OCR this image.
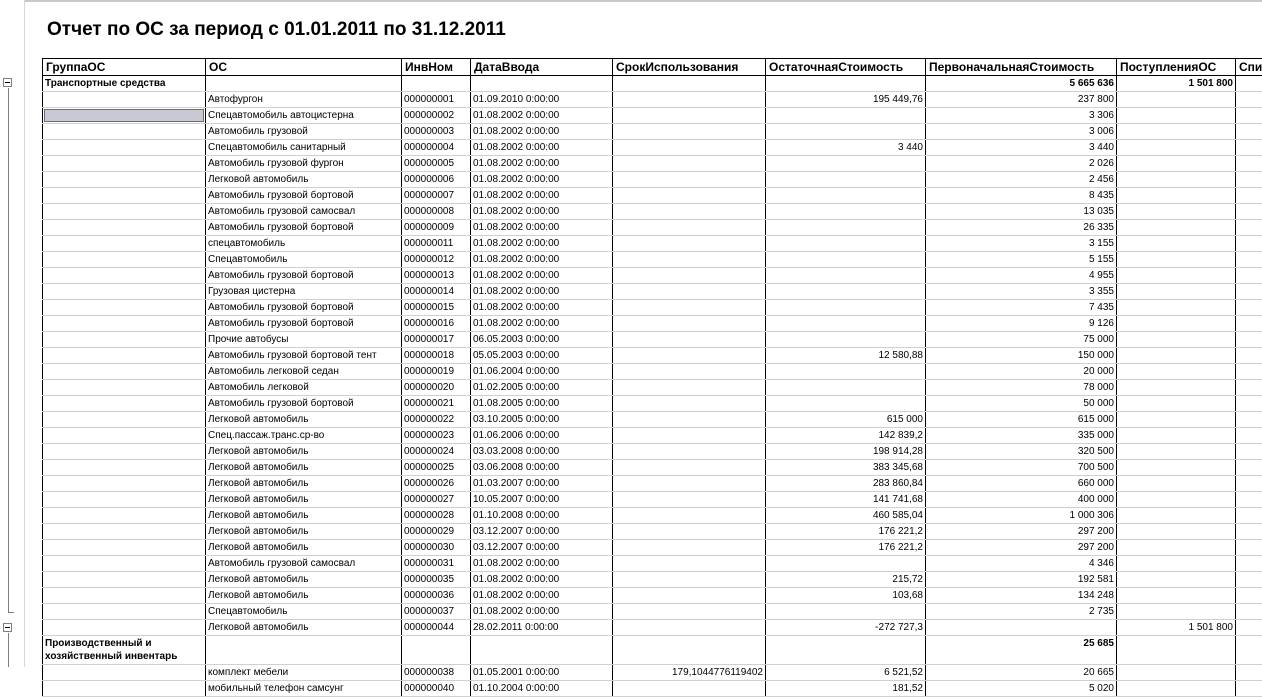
Отчет по ОС за период с 01.01.2011 по 31.12.2011
ГруппаОС	ОС	ИнвНом	ДатаВвода	СрокИспользования	ОстаточнаяСтоимость	ПервоначальнаяСтоимость	ПоступленияОС	Спи
Транспортные средства						5 665 636	1 501 800	
	Автофургон	000000001	01.09.2010 0:00:00		195 449,76	237 800		

	Спецавтомобиль автоцистерна	000000002	01.08.2002 0:00:00			3 306		
	Автомобиль грузовой	000000003	01.08.2002 0:00:00			3 006		
	Спецавтомобиль санитарный	000000004	01.08.2002 0:00:00		3 440	3 440		
	Автомобиль грузовой фургон	000000005	01.08.2002 0:00:00			2 026		
	Легковой автомобиль	000000006	01.08.2002 0:00:00			2 456		
	Автомобиль грузовой бортовой	000000007	01.08.2002 0:00:00			8 435		
	Автомобиль грузовой самосвал	000000008	01.08.2002 0:00:00			13 035		
	Автомобиль грузовой бортовой	000000009	01.08.2002 0:00:00			26 335		
	спецавтомобиль	000000011	01.08.2002 0:00:00			3 155		
	Спецавтомобиль	000000012	01.08.2002 0:00:00			5 155		
	Автомобиль грузовой бортовой	000000013	01.08.2002 0:00:00			4 955		
	Грузовая цистерна	000000014	01.08.2002 0:00:00			3 355		
	Автомобиль грузовой бортовой	000000015	01.08.2002 0:00:00			7 435		
	Автомобиль грузовой бортовой	000000016	01.08.2002 0:00:00			9 126		
	Прочие автобусы	000000017	06.05.2003 0:00:00			75 000		
	Автомобиль грузовой бортовой тент	000000018	05.05.2003 0:00:00		12 580,88	150 000		
	Автомобиль легковой седан	000000019	01.06.2004 0:00:00			20 000		
	Автомобиль легковой	000000020	01.02.2005 0:00:00			78 000		
	Автомобиль грузовой бортовой	000000021	01.08.2005 0:00:00			50 000		
	Легковой автомобиль	000000022	03.10.2005 0:00:00		615 000	615 000		
	Спец.пассаж.транс.ср-во	000000023	01.06.2006 0:00:00		142 839,2	335 000		
	Легковой автомобиль	000000024	03.03.2008 0:00:00		198 914,28	320 500		
	Легковой автомобиль	000000025	03.06.2008 0:00:00		383 345,68	700 500		
	Легковой автомобиль	000000026	01.03.2007 0:00:00		283 860,84	660 000		
	Легковой автомобиль	000000027	10.05.2007 0:00:00		141 741,68	400 000		
	Легковой автомобиль	000000028	01.10.2008 0:00:00		460 585,04	1 000 306		
	Легковой автомобиль	000000029	03.12.2007 0:00:00		176 221,2	297 200		
	Легковой автомобиль	000000030	03.12.2007 0:00:00		176 221,2	297 200		
	Автомобиль грузовой самосвал	000000031	01.08.2002 0:00:00			4 346		
	Легковой автомобиль	000000035	01.08.2002 0:00:00		215,72	192 581		
	Легковой автомобиль	000000036	01.08.2002 0:00:00		103,68	134 248		
	Спецавтомобиль	000000037	01.08.2002 0:00:00			2 735		
	Легковой автомобиль	000000044	28.02.2011 0:00:00		-272 727,3		1 501 800	
Производственный и хозяйственный инвентарь						25 685		
	комплект мебели	000000038	01.05.2001 0:00:00	179,1044776119402	6 521,52	20 665		
	мобильный телефон самсунг	000000040	01.10.2004 0:00:00		181,52	5 020		
